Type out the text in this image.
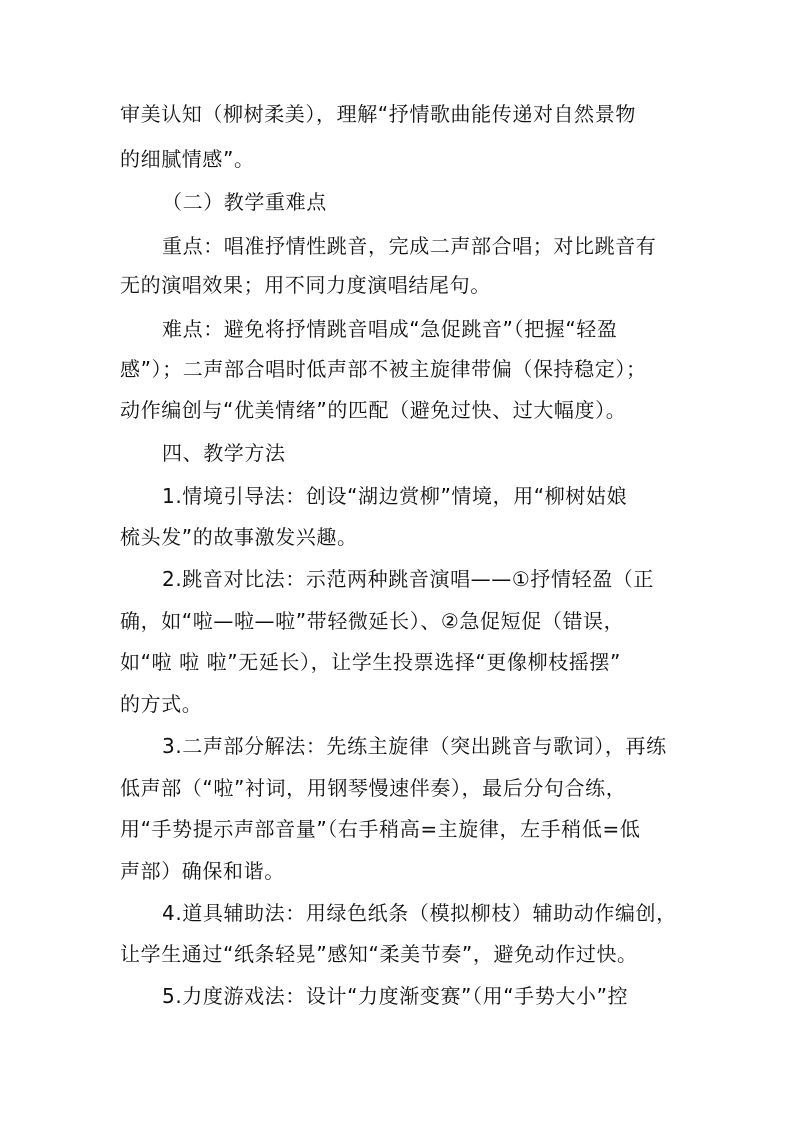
审美认知（柳树柔美），理解“抒情歌曲能传递对自然景物
的细腻情感”。
（二）教学重难点
重点：唱准抒情性跳音，完成二声部合唱；对比跳音有
无的演唱效果；用不同力度演唱结尾句。
难点：避免将抒情跳音唱成“急促跳音”（把握“轻盈
感”）；二声部合唱时低声部不被主旋律带偏（保持稳定）；
动作编创与“优美情绪”的匹配（避免过快、过大幅度）。
四、教学方法
1.情境引导法：创设“湖边赏柳”情境，用“柳树姑娘
梳头发”的故事激发兴趣。
2.跳音对比法：示范两种跳音演唱——①抒情轻盈（正
确，如“啦—啦—啦”带轻微延长）、②急促短促（错误，
如“啦 啦 啦”无延长），让学生投票选择“更像柳枝摇摆”
的方式。
3.二声部分解法：先练主旋律（突出跳音与歌词），再练
低声部（“啦”衬词，用钢琴慢速伴奏），最后分句合练，
用“手势提示声部音量”（右手稍高=主旋律，左手稍低=低
声部）确保和谐。
4.道具辅助法：用绿色纸条（模拟柳枝）辅助动作编创，
让学生通过“纸条轻晃”感知“柔美节奏”，避免动作过快。
5.力度游戏法：设计“力度渐变赛”（用“手势大小”控
